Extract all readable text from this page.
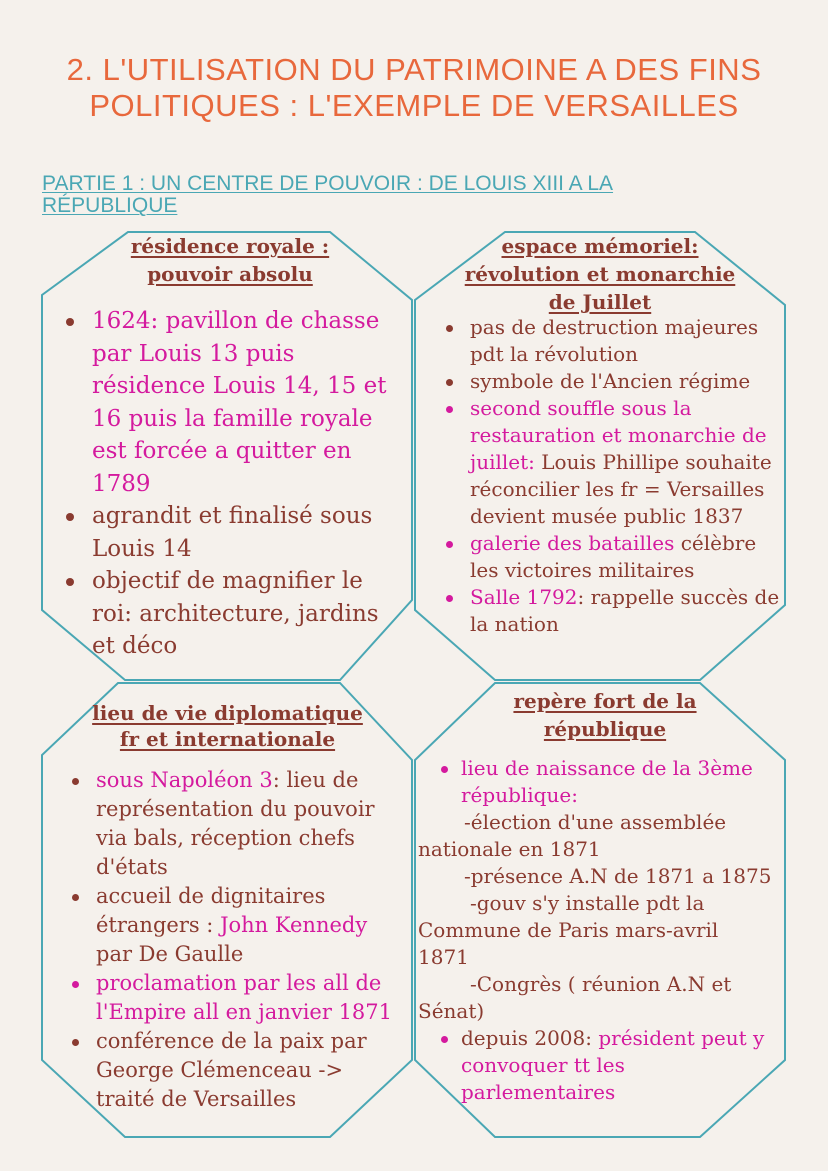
2. L'UTILISATION DU PATRIMOINE A DES FINS POLITIQUES : L'EXEMPLE DE VERSAILLES
PARTIE 1 : UN CENTRE DE POUVOIR : DE LOUIS XIII A LA RÉPUBLIQUE
résidence royale :
pouvoir absolu
1624: pavillon de chasse par Louis 13 puis résidence Louis 14, 15 et 16 puis la famille royale est forcée a quitter en 1789
agrandit et finalisé sous Louis 14
objectif de magnifier le roi: architecture, jardins et déco
espace mémoriel:
révolution et monarchie
de Juillet
pas de destruction majeures pdt la révolution
symbole de l'Ancien régime
second souffle sous la restauration et monarchie de juillet: Louis Phillipe souhaite réconcilier les fr = Versailles devient musée public 1837
galerie des batailles célèbre les victoires militaires
Salle 1792: rappelle succès de la nation
lieu de vie diplomatique
fr et internationale
sous Napoléon 3: lieu de représentation du pouvoir via bals, réception chefs d'états
accueil de dignitaires étrangers : John Kennedy par De Gaulle
proclamation par les all de l'Empire all en janvier 1871
conférence de la paix par George Clémenceau -> traité de Versailles
repère fort de la
république
lieu de naissance de la 3ème
république:
-élection d'une assemblée
nationale en 1871
-présence A.N de 1871 a 1875
-gouv s'y installe pdt la
Commune de Paris mars-avril
1871
-Congrès ( réunion A.N et
Sénat)
depuis 2008: président peut y
convoquer tt les
parlementaires
